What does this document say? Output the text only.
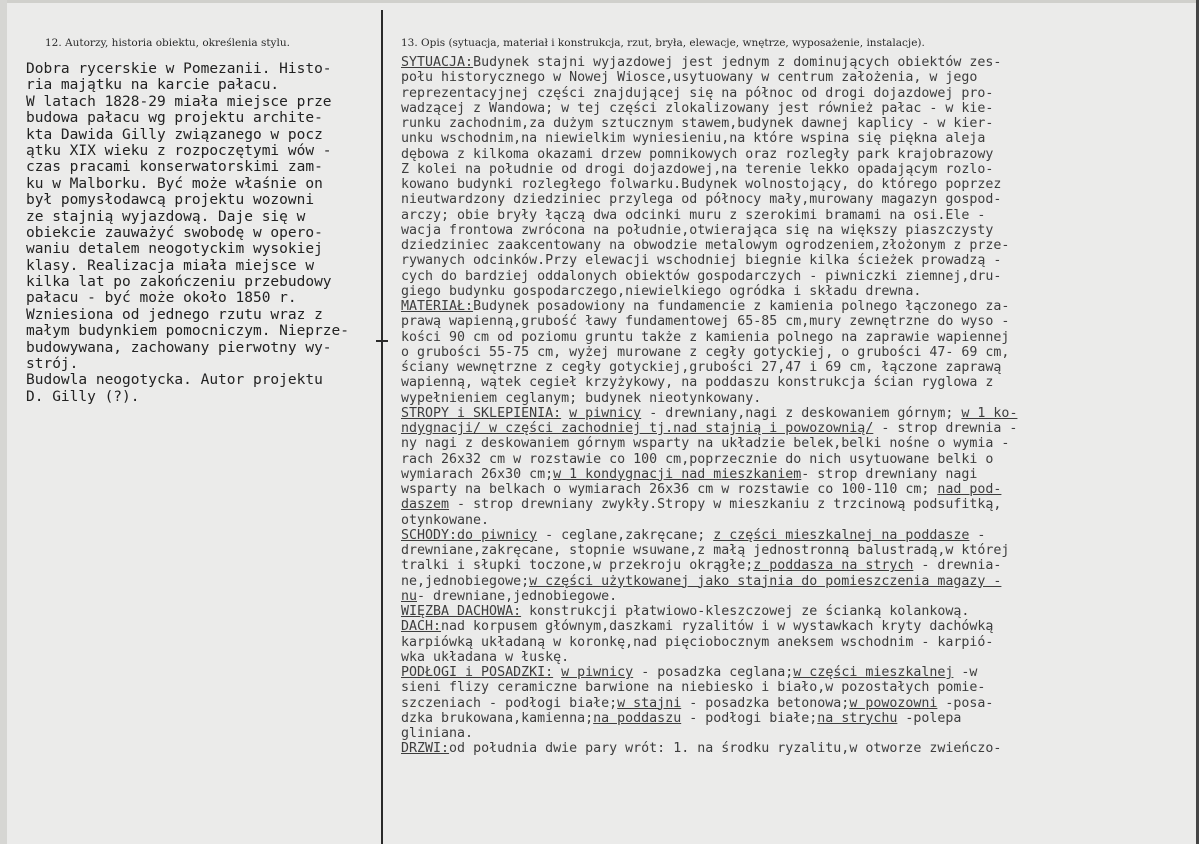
12. Autorzy, historia obiektu, określenia stylu.	13. Opis (sytuacja, materiał i konstrukcja, rzut, bryła, elewacje, wnętrze, wyposażenie, instalacje).
Dobra rycerskie w Pomezanii. Histo-
ria majątku na karcie pałacu.
W latach 1828-29 miała miejsce prze
budowa pałacu wg projektu archite-
kta Dawida Gilly związanego w pocz
ątku XIX wieku z rozpoczętymi wów -
czas pracami konserwatorskimi zam-
ku w Malborku. Być może właśnie on
był pomysłodawcą projektu wozowni
ze stajnią wyjazdową. Daje się w
obiekcie zauważyć swobodę w opero-
waniu detalem neogotyckim wysokiej
klasy. Realizacja miała miejsce w
kilka lat po zakończeniu przebudowy
pałacu - być może około 1850 r.
Wzniesiona od jednego rzutu wraz z
małym budynkiem pomocniczym. Nieprze-
budowywana, zachowany pierwotny wy-
strój.
Budowla neogotycka. Autor projektu
D. Gilly (?).
SYTUACJA:Budynek stajni wyjazdowej jest jednym z dominujących obiektów zes-
połu historycznego w Nowej Wiosce,usytuowany w centrum założenia, w jego
reprezentacyjnej części znajdującej się na północ od drogi dojazdowej pro-
wadzącej z Wandowa; w tej części zlokalizowany jest również pałac - w kie-
runku zachodnim,za dużym sztucznym stawem,budynek dawnej kaplicy - w kier-
unku wschodnim,na niewielkim wyniesieniu,na które wspina się piękna aleja
dębowa z kilkoma okazami drzew pomnikowych oraz rozległy park krajobrazowy
Z kolei na południe od drogi dojazdowej,na terenie lekko opadającym rozlo-
kowano budynki rozległego folwarku.Budynek wolnostojący, do którego poprzez
nieutwardzony dziedziniec przylega od północy mały,murowany magazyn gospod-
arczy; obie bryły łączą dwa odcinki muru z szerokimi bramami na osi.Ele -
wacja frontowa zwrócona na południe,otwierająca się na większy piaszczysty
dziedziniec zaakcentowany na obwodzie metalowym ogrodzeniem,złożonym z prze-
rywanych odcinków.Przy elewacji wschodniej biegnie kilka ścieżek prowadzą -
cych do bardziej oddalonych obiektów gospodarczych - piwniczki ziemnej,dru-
giego budynku gospodarczego,niewielkiego ogródka i składu drewna.
MATERIAŁ:Budynek posadowiony na fundamencie z kamienia polnego łączonego za-
prawą wapienną,grubość ławy fundamentowej 65-85 cm,mury zewnętrzne do wyso -
kości 90 cm od poziomu gruntu także z kamienia polnego na zaprawie wapiennej
o grubości 55-75 cm, wyżej murowane z cegły gotyckiej, o grubości 47- 69 cm,
ściany wewnętrzne z cegły gotyckiej,grubości 27,47 i 69 cm, łączone zaprawą
wapienną, wątek cegieł krzyżykowy, na poddaszu konstrukcja ścian ryglowa z
wypełnieniem ceglanym; budynek nieotynkowany.
STROPY i SKLEPIENIA: w piwnicy - drewniany,nagi z deskowaniem górnym; w 1 ko-
ndygnacji/ w części zachodniej tj.nad stajnią i powozownią/ - strop drewnia -
ny nagi z deskowaniem górnym wsparty na układzie belek,belki nośne o wymia -
rach 26x32 cm w rozstawie co 100 cm,poprzecznie do nich usytuowane belki o
wymiarach 26x30 cm;w 1 kondygnacji nad mieszkaniem- strop drewniany nagi
wsparty na belkach o wymiarach 26x36 cm w rozstawie co 100-110 cm; nad pod-
daszem - strop drewniany zwykły.Stropy w mieszkaniu z trzcinową podsufitką,
otynkowane.
SCHODY:do piwnicy - ceglane,zakręcane; z części mieszkalnej na poddasze -
drewniane,zakręcane, stopnie wsuwane,z małą jednostronną balustradą,w której
tralki i słupki toczone,w przekroju okrągłe;z poddasza na strych - drewnia-
ne,jednobiegowe;w części użytkowanej jako stajnia do pomieszczenia magazy -
nu- drewniane,jednobiegowe.
WIĘZBA DACHOWA: konstrukcji płatwiowo-kleszczowej ze ścianką kolankową.
DACH:nad korpusem głównym,daszkami ryzalitów i w wystawkach kryty dachówką
karpiówką układaną w koronkę,nad pięciobocznym aneksem wschodnim - karpió-
wka układana w łuskę.
PODŁOGI i POSADZKI: w piwnicy - posadzka ceglana;w części mieszkalnej -w
sieni flizy ceramiczne barwione na niebiesko i biało,w pozostałych pomie-
szczeniach - podłogi białe;w stajni - posadzka betonowa;w powozowni -posa-
dzka brukowana,kamienna;na poddaszu - podłogi białe;na strychu -polepa
gliniana.
DRZWI:od południa dwie pary wrót: 1. na środku ryzalitu,w otworze zwieńczo-
